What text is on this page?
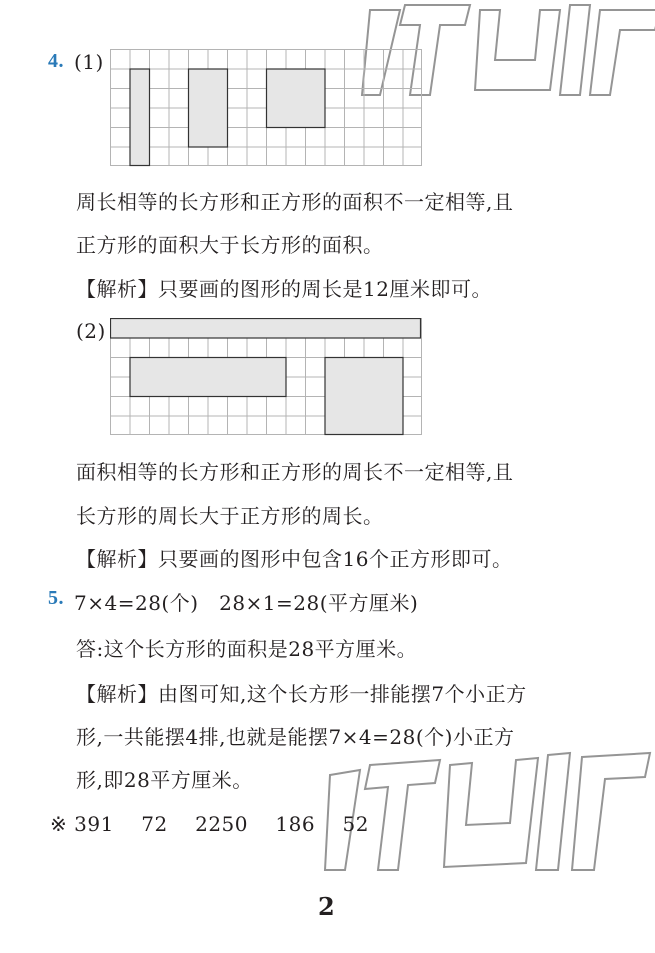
4. (1)
周长相等的长方形和正方形的面积不一定相等,且
正方形的面积大于长方形的面积。
【解析】只要画的图形的周长是12厘米即可。
(2)
面积相等的长方形和正方形的周长不一定相等,且
长方形的周长大于正方形的周长。
【解析】只要画的图形中包含16个正方形即可。
5. 7×4=28(个)   28×1=28(平方厘米)
答:这个长方形的面积是28平方厘米。
【解析】由图可知,这个长方形一排能摆7个小正方
形,一共能摆4排,也就是能摆7×4=28(个)小正方
形,即28平方厘米。
※ 391    72    2250    186    52
2
